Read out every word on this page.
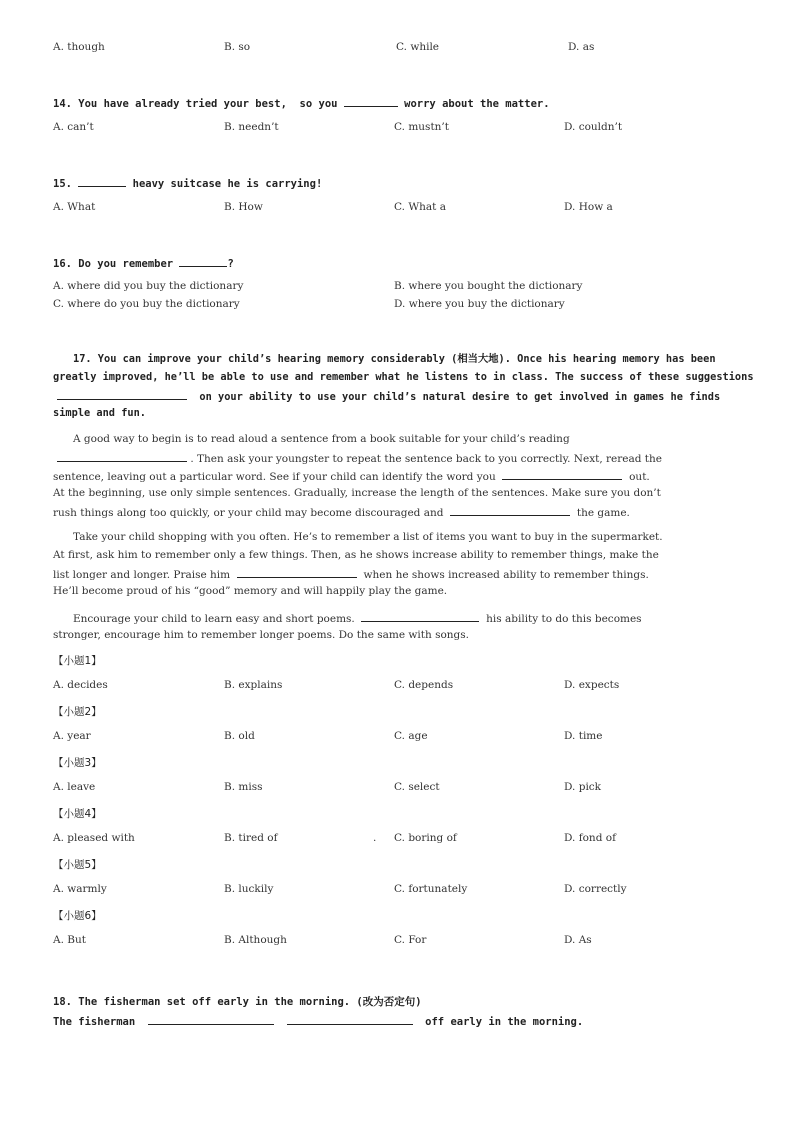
A. though	B. so	C. while	D. as
14. You have already tried your best,  so you	worry about the matter.
A. can’t	B. needn’t	C. mustn’t	D. couldn’t
15.	heavy suitcase he is carrying!
A. What	B. How	C. What a	D. How a
16. Do you remember	?
A. where did you buy the dictionary	B. where you bought the dictionary
C. where do you buy the dictionary	D. where you buy the dictionary
17. You can improve your child’s hearing memory considerably (相当大地). Once his hearing memory has been
greatly improved, he’ll be able to use and remember what he listens to in class. The success of these suggestions
on your ability to use your child’s natural desire to get involved in games he finds
simple and fun.
A good way to begin is to read aloud a sentence from a book suitable for your child’s reading
. Then ask your youngster to repeat the sentence back to you correctly. Next, reread the
sentence, leaving out a particular word. See if your child can identify the word you	out.
At the beginning, use only simple sentences. Gradually, increase the length of the sentences. Make sure you don’t
rush things along too quickly, or your child may become discouraged and	the game.
Take your child shopping with you often. He’s to remember a list of items you want to buy in the supermarket.
At first, ask him to remember only a few things. Then, as he shows increase ability to remember things, make the
list longer and longer. Praise him	when he shows increased ability to remember things.
He’ll become proud of his “good” memory and will happily play the game.
Encourage your child to learn easy and short poems.	his ability to do this becomes
stronger, encourage him to remember longer poems. Do the same with songs.
【小题1】
A. decides	B. explains	C. depends	D. expects
【小题2】
A. year	B. old	C. age	D. time
【小题3】
A. leave	B. miss	C. select	D. pick
【小题4】
A. pleased with	B. tired of	. C. boring of	D. fond of
【小题5】
A. warmly	B. luckily	C. fortunately	D. correctly
【小题6】
A. But	B. Although	C. For	D. As
18. The fisherman set off early in the morning. (改为否定句)
The fisherman	off early in the morning.
